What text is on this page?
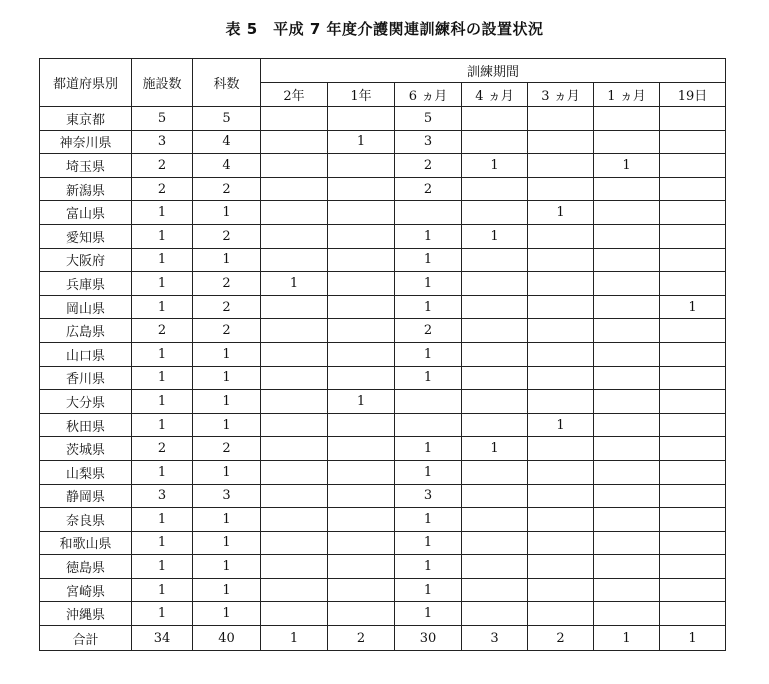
表 5　平成 7 年度介護関連訓練科の設置状況
都道府県別	施設数	科数	訓練期間						
			2年	1年	6 ヵ月	4 ヵ月	3 ヵ月	1 ヵ月	19日
東京都	5	5			5				
神奈川県	3	4		1	3				
埼玉県	2	4			2	1		1	
新潟県	2	2			2				
富山県	1	1					1		
愛知県	1	2			1	1			
大阪府	1	1			1				
兵庫県	1	2	1		1				
岡山県	1	2			1				1
広島県	2	2			2				
山口県	1	1			1				
香川県	1	1			1				
大分県	1	1		1					
秋田県	1	1					1		
茨城県	2	2			1	1			
山梨県	1	1			1				
静岡県	3	3			3				
奈良県	1	1			1				
和歌山県	1	1			1				
徳島県	1	1			1				
宮崎県	1	1			1				
沖縄県	1	1			1				
合計	34	40	1	2	30	3	2	1	1
